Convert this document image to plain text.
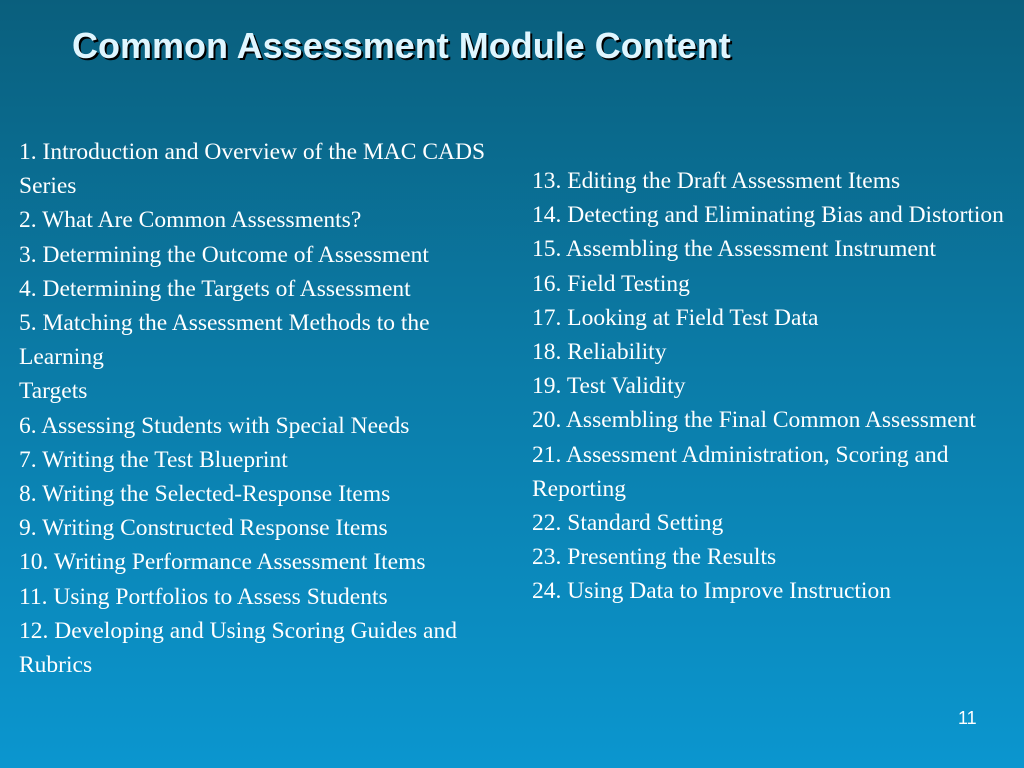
Common Assessment Module Content
1. Introduction and Overview of the MAC CADS Series
2. What Are Common Assessments?
3. Determining the Outcome of Assessment
4. Determining the Targets of Assessment
5. Matching the Assessment Methods to the Learning
Targets
6. Assessing Students with Special Needs
7. Writing the Test Blueprint
8. Writing the Selected-Response Items
9. Writing Constructed Response Items
10. Writing Performance Assessment Items
11. Using Portfolios to Assess Students
12. Developing and Using Scoring Guides and Rubrics
13. Editing the Draft Assessment Items
14. Detecting and Eliminating Bias and Distortion
15. Assembling the Assessment Instrument
16. Field Testing
17. Looking at Field Test Data
18. Reliability
19. Test Validity
20. Assembling the Final Common Assessment
21. Assessment Administration, Scoring and Reporting
22. Standard Setting
23. Presenting the Results
24. Using Data to Improve Instruction
11
